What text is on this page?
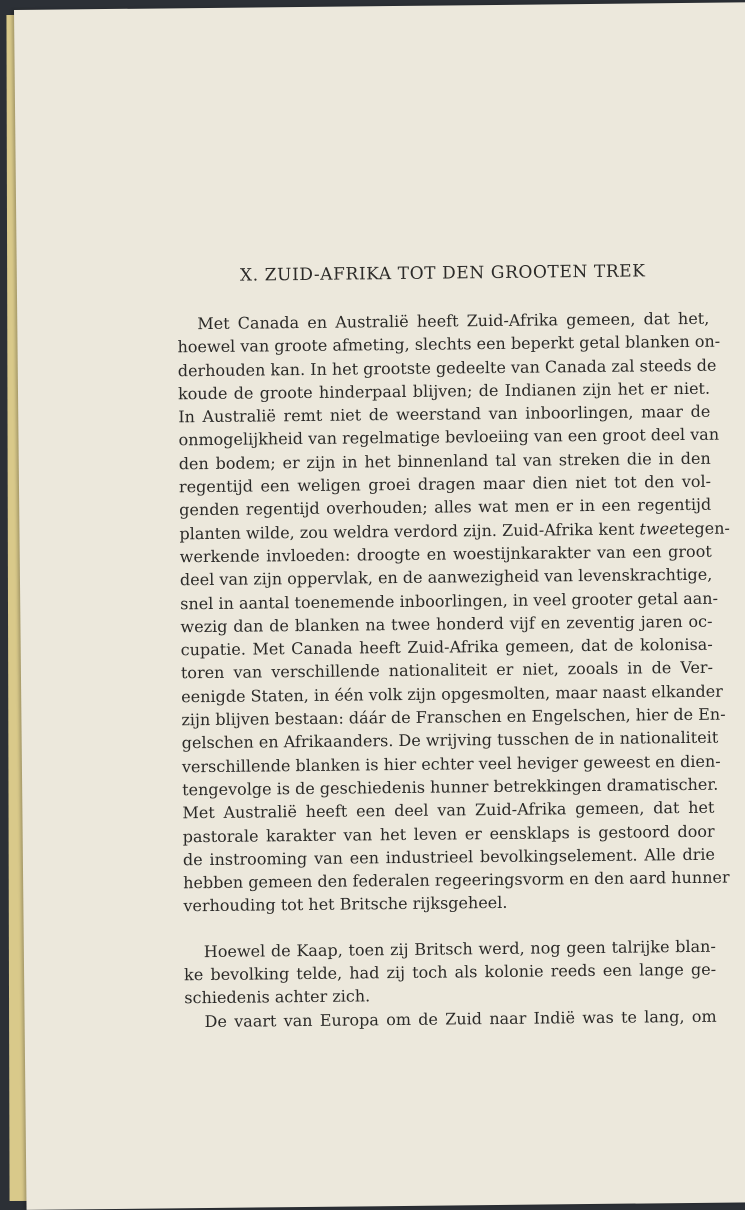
X. ZUID-AFRIKA TOT DEN GROOTEN TREK

Met Canada en Australië heeft Zuid-Afrika gemeen, dat het,

hoewel van groote afmeting, slechts een beperkt getal blanken on-

derhouden kan. In het grootste gedeelte van Canada zal steeds de

koude de groote hinderpaal blijven; de Indianen zijn het er niet.

In Australië remt niet de weerstand van inboorlingen, maar de

onmogelijkheid van regelmatige bevloeiing van een groot deel van

den bodem; er zijn in het binnenland tal van streken die in den

regentijd een weligen groei dragen maar dien niet tot den vol-

genden regentijd overhouden; alles wat men er in een regentijd

planten wilde, zou weldra verdord zijn. Zuid-Afrika kent tweetegen-

werkende invloeden: droogte en woestijnkarakter van een groot

deel van zijn oppervlak, en de aanwezigheid van levenskrachtige,

snel in aantal toenemende inboorlingen, in veel grooter getal aan-

wezig dan de blanken na twee honderd vijf en zeventig jaren oc-

cupatie. Met Canada heeft Zuid-Afrika gemeen, dat de kolonisa-

toren van verschillende nationaliteit er niet, zooals in de Ver-

eenigde Staten, in één volk zijn opgesmolten, maar naast elkander

zijn blijven bestaan: dáár de Franschen en Engelschen, hier de En-

gelschen en Afrikaanders. De wrijving tusschen de in nationaliteit

verschillende blanken is hier echter veel heviger geweest en dien-

tengevolge is de geschiedenis hunner betrekkingen dramatischer.

Met Australië heeft een deel van Zuid-Afrika gemeen, dat het

pastorale karakter van het leven er eensklaps is gestoord door

de instrooming van een industrieel bevolkingselement. Alle drie

hebben gemeen den federalen regeeringsvorm en den aard hunner

verhouding tot het Britsche rijksgeheel.

Hoewel de Kaap, toen zij Britsch werd, nog geen talrijke blan-

ke bevolking telde, had zij toch als kolonie reeds een lange ge-

schiedenis achter zich.

De vaart van Europa om de Zuid naar Indië was te lang, om
